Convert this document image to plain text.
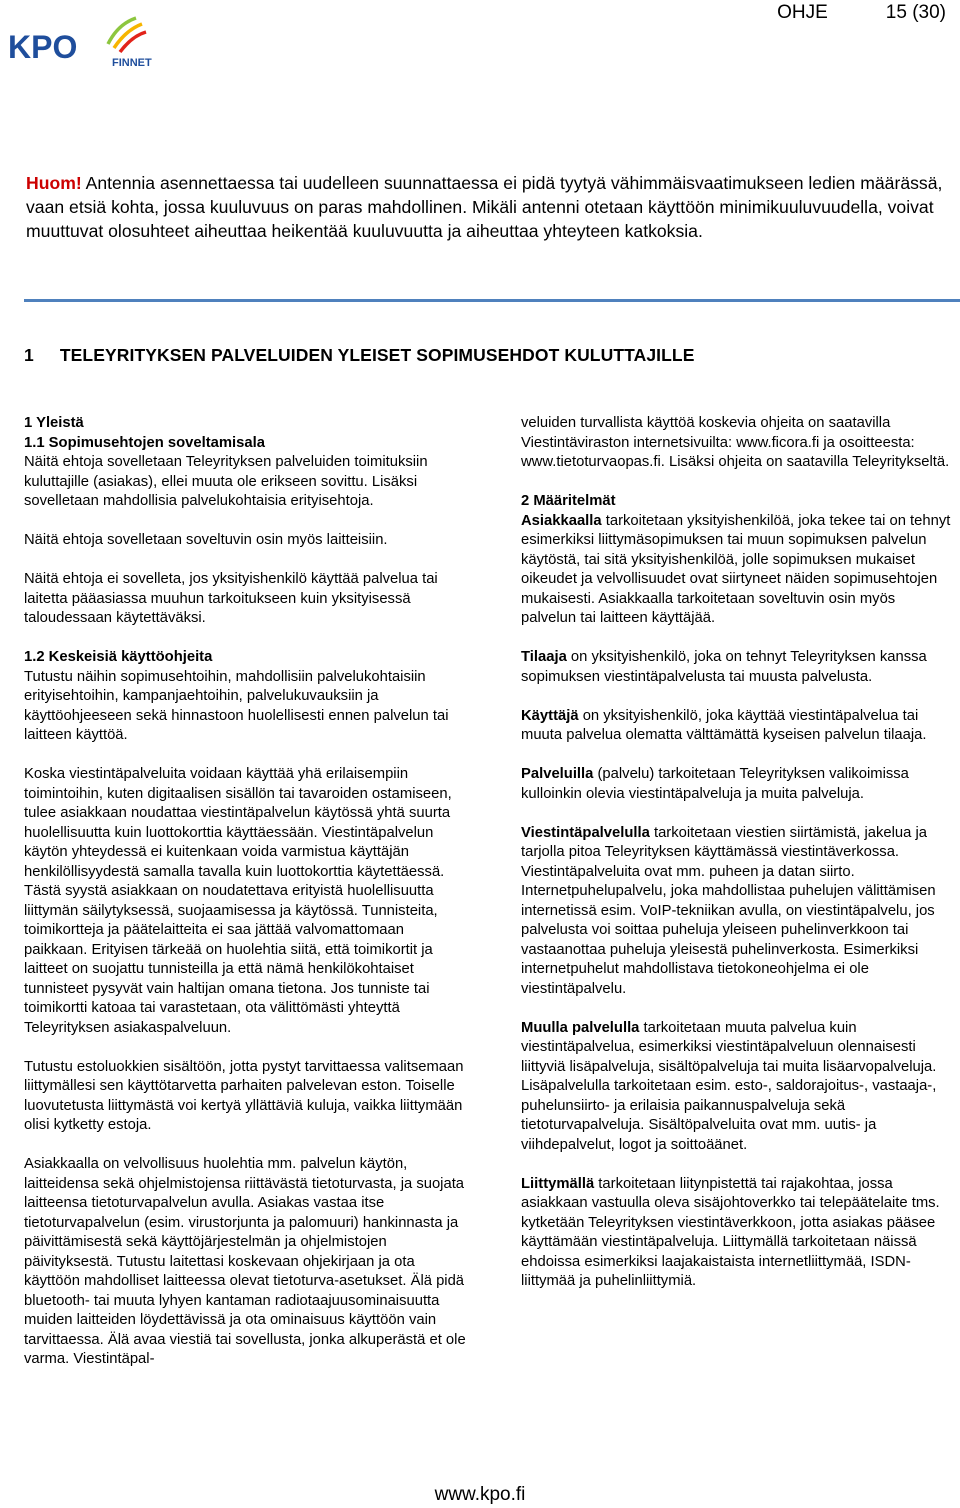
OHJE	15 (30)
KPO	FINNET
Huom! Antennia asennettaessa tai uudelleen suunnattaessa ei pidä tyytyä vähimmäisvaatimukseen ledien määrässä, vaan etsiä kohta, jossa kuuluvuus on paras mahdollinen. Mikäli antenni otetaan käyttöön minimikuuluvuudella, voivat muuttuvat olosuhteet aiheuttaa heikentää kuuluvuutta ja aiheuttaa yhteyteen katkoksia.
1 TELEYRITYKSEN PALVELUIDEN YLEISET SOPIMUSEHDOT KULUTTAJILLE

1 Yleistä

1.1 Sopimusehtojen soveltamisala

Näitä ehtoja sovelletaan Teleyrityksen palveluiden toimituksiin kuluttajille (asiakas), ellei muuta ole erikseen sovittu. Lisäksi sovelletaan mahdollisia palvelukohtaisia erityisehtoja.

Näitä ehtoja sovelletaan soveltuvin osin myös laitteisiin.

Näitä ehtoja ei sovelleta, jos yksityishenkilö käyttää palvelua tai laitetta pääasiassa muuhun tarkoitukseen kuin yksityisessä taloudessaan käytettäväksi.

1.2 Keskeisiä käyttöohjeita

Tutustu näihin sopimusehtoihin, mahdollisiin palvelukohtaisiin erityisehtoihin, kampanjaehtoihin, palvelukuvauksiin ja käyttöohjeeseen sekä hinnastoon huolellisesti ennen palvelun tai laitteen käyttöä.

Koska viestintäpalveluita voidaan käyttää yhä erilaisempiin toimintoihin, kuten digitaalisen sisällön tai tavaroiden ostamiseen, tulee asiakkaan noudattaa viestintäpalvelun käytössä yhtä suurta huolellisuutta kuin luottokorttia käyttäessään. Viestintäpalvelun käytön yhteydessä ei kuitenkaan voida varmistua käyttäjän henkilöllisyydestä samalla tavalla kuin luottokorttia käytettäessä. Tästä syystä asiakkaan on noudatettava erityistä huolellisuutta liittymän säilytyksessä, suojaamisessa ja käytössä. Tunnisteita, toimikortteja ja päätelaitteita ei saa jättää valvomattomaan paikkaan. Erityisen tärkeää on huolehtia siitä, että toimikortit ja laitteet on suojattu tunnisteilla ja että nämä henkilökohtaiset tunnisteet pysyvät vain haltijan omana tietona. Jos tunniste tai toimikortti katoaa tai varastetaan, ota välittömästi yhteyttä Teleyrityksen asiakaspalveluun.

Tutustu estoluokkien sisältöön, jotta pystyt tarvittaessa valitsemaan liittymällesi sen käyttötarvetta parhaiten palvelevan eston. Toiselle luovutetusta liittymästä voi kertyä yllättäviä kuluja, vaikka liittymään olisi kytketty estoja.

Asiakkaalla on velvollisuus huolehtia mm. palvelun käytön, laitteidensa sekä ohjelmistojensa riittävästä tietoturvasta, ja suojata laitteensa tietoturvapalvelun avulla. Asiakas vastaa itse tietoturvapalvelun (esim. virustorjunta ja palomuuri) hankinnasta ja päivittämisestä sekä käyttöjärjestelmän ja ohjelmistojen päivityksestä. Tutustu laitettasi koskevaan ohjekirjaan ja ota käyttöön mahdolliset laitteessa olevat tietoturva-asetukset. Älä pidä bluetooth- tai muuta lyhyen kantaman radiotaajuusominaisuutta muiden laitteiden löydettävissä ja ota ominaisuus käyttöön vain tarvittaessa. Älä avaa viestiä tai sovellusta, jonka alkuperästä et ole varma. Viestintäpal-

veluiden turvallista käyttöä koskevia ohjeita on saatavilla Viestintäviraston internetsivuilta: www.ficora.fi ja osoitteesta: www.tietoturvaopas.fi. Lisäksi ohjeita on saatavilla Teleyritykseltä.

2 Määritelmät

Asiakkaalla tarkoitetaan yksityishenkilöä, joka tekee tai on tehnyt esimerkiksi liittymäsopimuksen tai muun sopimuksen palvelun käytöstä, tai sitä yksityishenkilöä, jolle sopimuksen mukaiset oikeudet ja velvollisuudet ovat siirtyneet näiden sopimusehtojen mukaisesti. Asiakkaalla tarkoitetaan soveltuvin osin myös palvelun tai laitteen käyttäjää.

Tilaaja on yksityishenkilö, joka on tehnyt Teleyrityksen kanssa sopimuksen viestintäpalvelusta tai muusta palvelusta.

Käyttäjä on yksityishenkilö, joka käyttää viestintäpalvelua tai muuta palvelua olematta välttämättä kyseisen palvelun tilaaja.

Palveluilla (palvelu) tarkoitetaan Teleyrityksen valikoimissa kulloinkin olevia viestintäpalveluja ja muita palveluja.

Viestintäpalvelulla tarkoitetaan viestien siirtämistä, jakelua ja tarjolla pitoa Teleyrityksen käyttämässä viestintäverkossa. Viestintäpalveluita ovat mm. puheen ja datan siirto. Internetpuhelupalvelu, joka mahdollistaa puhelujen välittämisen internetissä esim. VoIP-tekniikan avulla, on viestintäpalvelu, jos palvelusta voi soittaa puheluja yleiseen puhelinverkkoon tai vastaanottaa puheluja yleisestä puhelinverkosta. Esimerkiksi internetpuhelut mahdollistava tietokoneohjelma ei ole viestintäpalvelu.

Muulla palvelulla tarkoitetaan muuta palvelua kuin viestintäpalvelua, esimerkiksi viestintäpalveluun olennaisesti liittyviä lisäpalveluja, sisältöpalveluja tai muita lisäarvopalveluja. Lisäpalvelulla tarkoitetaan esim. esto-, saldorajoitus-, vastaaja-, puhelunsiirto- ja erilaisia paikannuspalveluja sekä tietoturvapalveluja. Sisältöpalveluita ovat mm. uutis- ja viihdepalvelut, logot ja soittoäänet.

Liittymällä tarkoitetaan liitynpistettä tai rajakohtaa, jossa asiakkaan vastuulla oleva sisäjohtoverkko tai telepäätelaite tms. kytketään Teleyrityksen viestintäverkkoon, jotta asiakas pääsee käyttämään viestintäpalveluja. Liittymällä tarkoitetaan näissä ehdoissa esimerkiksi laajakaistaista internetliittymää, ISDN-liittymää ja puhelinliittymiä.

www.kpo.fi
